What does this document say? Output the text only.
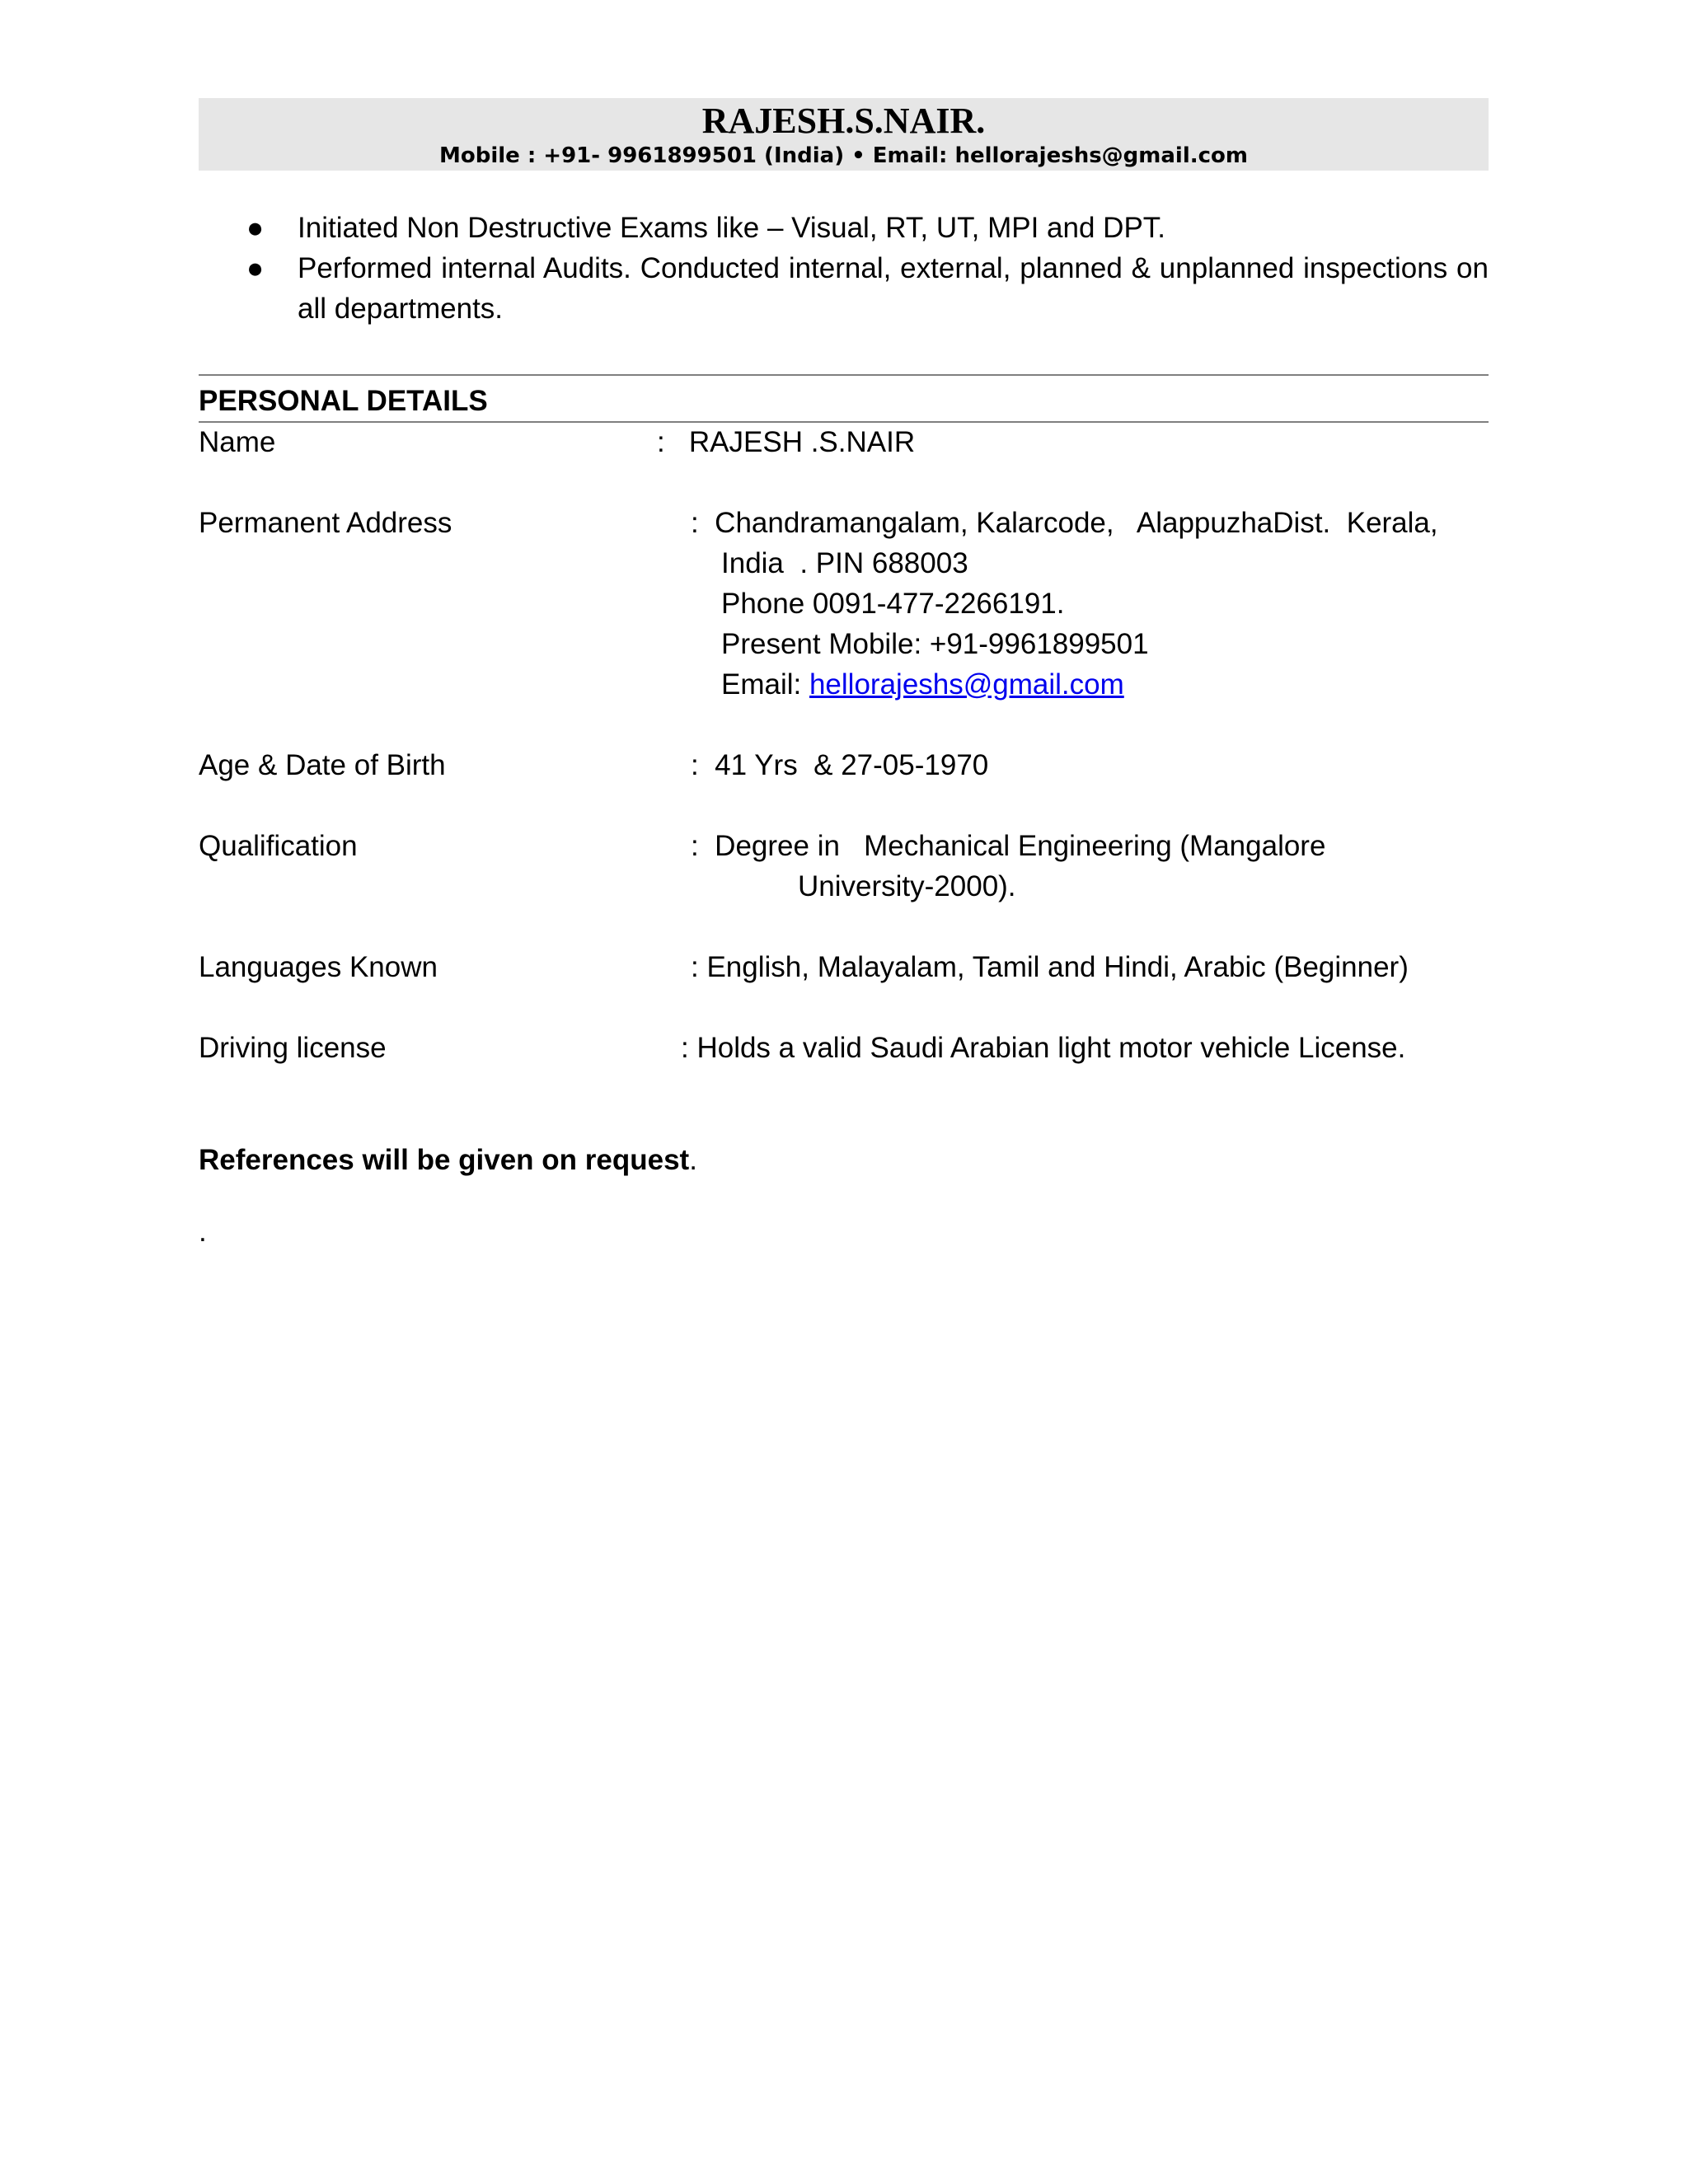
RAJESH.S.NAIR.
Mobile : +91- 9961899501 (India) • Email: hellorajeshs@gmail.com
● Initiated Non Destructive Exams like – Visual, RT, UT, MPI and DPT.
● Performed internal Audits. Conducted internal, external, planned & unplanned inspections on all departments.
PERSONAL DETAILS
Name	:   RAJESH .S.NAIR
Permanent Address	:  Chandramangalam, Kalarcode,   AlappuzhaDist.  Kerala,
India  . PIN 688003
Phone 0091-477-2266191.
Present Mobile: +91-9961899501
Email: hellorajeshs@gmail.com
Age & Date of Birth	:  41 Yrs  & 27-05-1970
Qualification	:  Degree in   Mechanical Engineering (Mangalore
University-2000).
Languages Known	: English, Malayalam, Tamil and Hindi, Arabic (Beginner)
Driving license	: Holds a valid Saudi Arabian light motor vehicle License.
References will be given on request.
.
